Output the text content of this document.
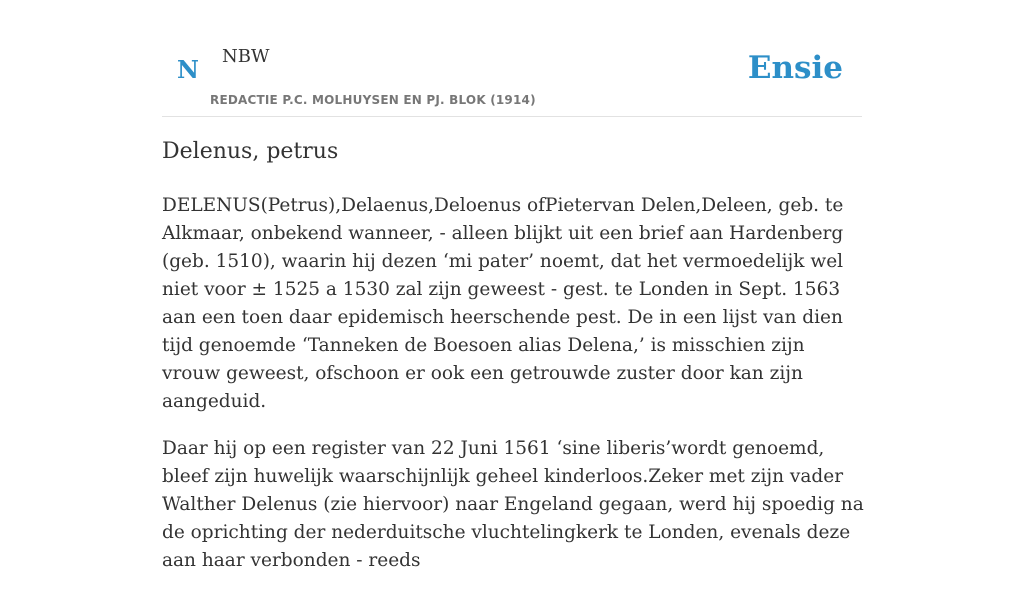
N NBW
REDACTIE P.C. MOLHUYSEN EN PJ. BLOK (1914)
Ensie
Delenus, petrus

DELENUS(Petrus),Delaenus,Deloenus ofPietervan Delen,Deleen, geb. te Alkmaar, onbekend wanneer, - alleen blijkt uit een brief aan Hardenberg (geb. 1510), waarin hij dezen ‘mi pater’ noemt, dat het vermoedelijk wel niet voor ± 1525 a 1530 zal zijn geweest - gest. te Londen in Sept. 1563 aan een toen daar epidemisch heerschende pest. De in een lijst van dien tijd genoemde ‘Tanneken de Boesoen alias Delena,’ is misschien zijn vrouw geweest, ofschoon er ook een getrouwde zuster door kan zijn aangeduid.

Daar hij op een register van 22 Juni 1561 ‘sine liberis’wordt genoemd, bleef zijn huwelijk waarschijnlijk geheel kinderloos.Zeker met zijn vader Walther Delenus (zie hiervoor) naar Engeland gegaan, werd hij spoedig na de oprichting der nederduitsche vluchtelingkerk te Londen, evenals deze aan haar verbonden - reeds
